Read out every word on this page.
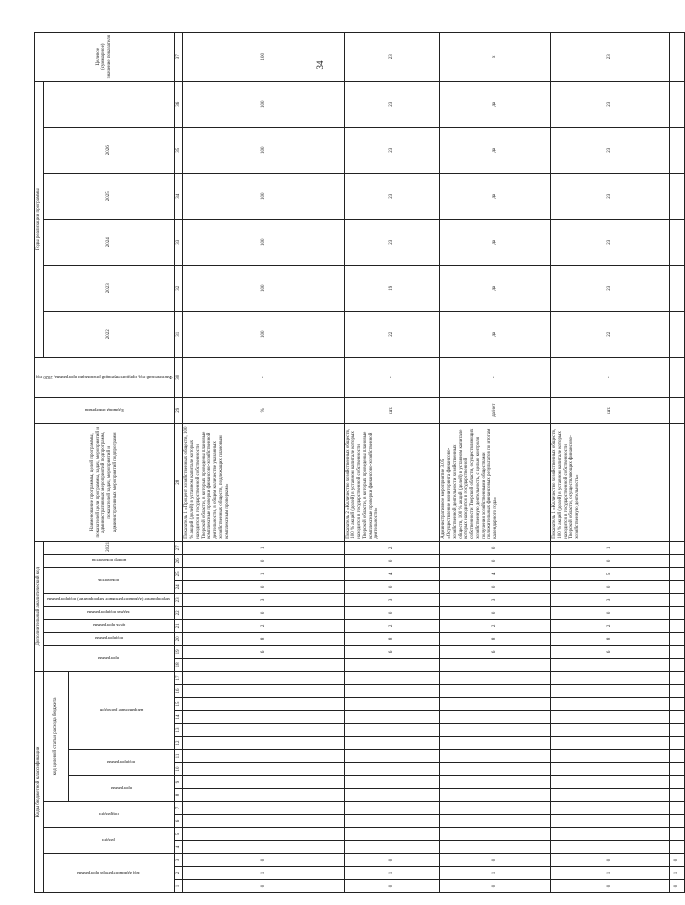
34
Коды бюджетной классификации																	Дополнительный аналитический код										Наименование программы, целей программы, показателей цели программы, задач, мероприятий и административных мероприятий подпрограмм, показателей задач, мероприятий и административных мероприятий подпрограмм	Единица измерения	Фактический год, предшествующий реализации программы, 2020 год	Годы реализации программы						Целевое (суммарное) значение показателя

код администратора программы			раздел		подраздел		код целевой статьи расхода бюджета										программа		подпрограмма	цель программы	задача подпрограммы	мероприятие (административное мероприятие) подпрограммы	показатель		номер показателя	2021				2022	2023	2024	2025	2026		

							программа		подпрограмма		направление расходов																									

1	2	3	4	5	6	7	8	9	10	11	12	13	14	15	16	17	18	19	20	21	22	23	24	25	26	27	28	29	30	31	32	33	34	35	36	37
0	1	0																6	8	2	0	3	0	1	0	1	Показатель 1 «Процент хозяйственных обществ, 100 % акций (долей) в уставном капитале которых находится в государственной собственности Тверской области, в которых проведены плановые комплексные проверки финансово-хозяйственной деятельности, в общем количестве указанных хозяйственных обществ, подлежащих плановым комплексным проверкам»	%	-	100	100	100	100	100	100	100
0	1	0																6	8	2	0	3	0	4	0	2	Показатель 2 «Количество хозяйственных обществ, 100 % акций (долей) в уставном капитале которых находится в государственной собственности Тверской области, в которых проведены плановые комплексные проверки финансово-хозяйственной деятельности»	шт.	-	22	19	23	23	23	23	23
0	1	0																6	8	2	0	3	0	4	0	0	Административное мероприятие 3.05 «Осуществление мониторинга финансово-хозяйственной деятельности хозяйственных обществ, 100 % акций (долей) в уставном капитале которых находится в государственной собственности Тверской области, осуществляющих хозяйственную деятельность, с целью контроля получения хозяйственными обществами положительных финансовых результатов по итогам календарного года»	да/нет	-	да	да	да	да	да	да	х
0	1	0																6	8	2	0	3	0	5	0	1	Показатель 1 «Количество хозяйственных обществ, 100 % акций (долей) в уставном капитале которых находится в государственной собственности Тверской области, осуществляющих финансово-хозяйственную деятельность»	шт.	-	22	23	23	23	23	23	23
0	1	0																																		
